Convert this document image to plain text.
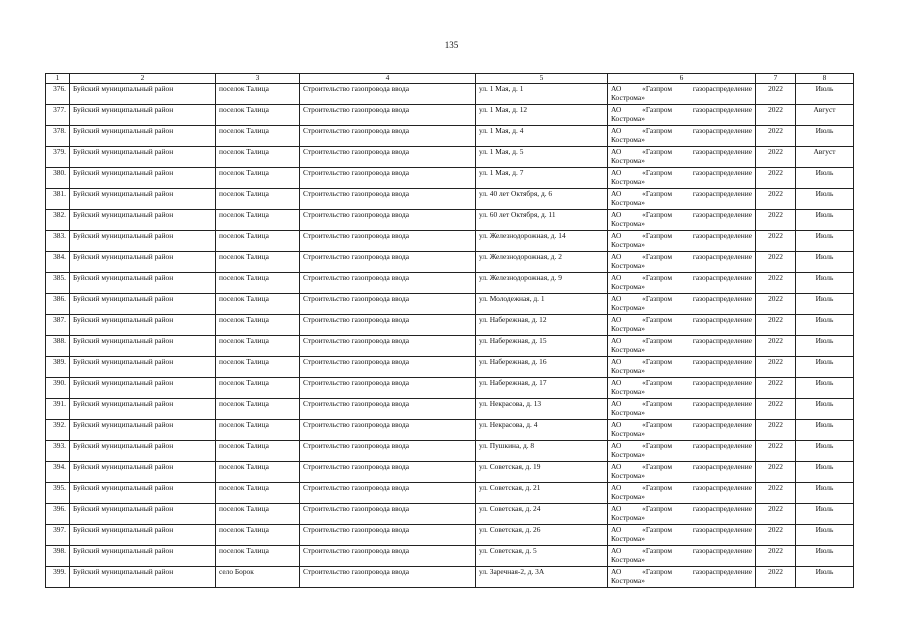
135
1	2	3	4	5	6	7	8
376.	Буйский муниципальный район	поселок Талица	Строительство газопровода ввода	ул. 1 Мая, д. 1	АО «Газпром газораспределение
Кострома»	2022	Июль
377.	Буйский муниципальный район	поселок Талица	Строительство газопровода ввода	ул. 1 Мая, д. 12	АО «Газпром газораспределение
Кострома»	2022	Август
378.	Буйский муниципальный район	поселок Талица	Строительство газопровода ввода	ул. 1 Мая, д. 4	АО «Газпром газораспределение
Кострома»	2022	Июль
379.	Буйский муниципальный район	поселок Талица	Строительство газопровода ввода	ул. 1 Мая, д. 5	АО «Газпром газораспределение
Кострома»	2022	Август
380.	Буйский муниципальный район	поселок Талица	Строительство газопровода ввода	ул. 1 Мая, д. 7	АО «Газпром газораспределение
Кострома»	2022	Июль
381.	Буйский муниципальный район	поселок Талица	Строительство газопровода ввода	ул. 40 лет Октября, д. 6	АО «Газпром газораспределение
Кострома»	2022	Июль
382.	Буйский муниципальный район	поселок Талица	Строительство газопровода ввода	ул. 60 лет Октября, д. 11	АО «Газпром газораспределение
Кострома»	2022	Июль
383.	Буйский муниципальный район	поселок Талица	Строительство газопровода ввода	ул. Железнодорожная, д. 14	АО «Газпром газораспределение
Кострома»	2022	Июль
384.	Буйский муниципальный район	поселок Талица	Строительство газопровода ввода	ул. Железнодорожная, д. 2	АО «Газпром газораспределение
Кострома»	2022	Июль
385.	Буйский муниципальный район	поселок Талица	Строительство газопровода ввода	ул. Железнодорожная, д. 9	АО «Газпром газораспределение
Кострома»	2022	Июль
386.	Буйский муниципальный район	поселок Талица	Строительство газопровода ввода	ул. Молодежная, д. 1	АО «Газпром газораспределение
Кострома»	2022	Июль
387.	Буйский муниципальный район	поселок Талица	Строительство газопровода ввода	ул. Набережная, д. 12	АО «Газпром газораспределение
Кострома»	2022	Июль
388.	Буйский муниципальный район	поселок Талица	Строительство газопровода ввода	ул. Набережная, д. 15	АО «Газпром газораспределение
Кострома»	2022	Июль
389.	Буйский муниципальный район	поселок Талица	Строительство газопровода ввода	ул. Набережная, д. 16	АО «Газпром газораспределение
Кострома»	2022	Июль
390.	Буйский муниципальный район	поселок Талица	Строительство газопровода ввода	ул. Набережная, д. 17	АО «Газпром газораспределение
Кострома»	2022	Июль
391.	Буйский муниципальный район	поселок Талица	Строительство газопровода ввода	ул. Некрасова, д. 13	АО «Газпром газораспределение
Кострома»	2022	Июль
392.	Буйский муниципальный район	поселок Талица	Строительство газопровода ввода	ул. Некрасова, д. 4	АО «Газпром газораспределение
Кострома»	2022	Июль
393.	Буйский муниципальный район	поселок Талица	Строительство газопровода ввода	ул. Пушкина, д. 8	АО «Газпром газораспределение
Кострома»	2022	Июль
394.	Буйский муниципальный район	поселок Талица	Строительство газопровода ввода	ул. Советская, д. 19	АО «Газпром газораспределение
Кострома»	2022	Июль
395.	Буйский муниципальный район	поселок Талица	Строительство газопровода ввода	ул. Советская, д. 21	АО «Газпром газораспределение
Кострома»	2022	Июль
396.	Буйский муниципальный район	поселок Талица	Строительство газопровода ввода	ул. Советская, д. 24	АО «Газпром газораспределение
Кострома»	2022	Июль
397.	Буйский муниципальный район	поселок Талица	Строительство газопровода ввода	ул. Советская, д. 26	АО «Газпром газораспределение
Кострома»	2022	Июль
398.	Буйский муниципальный район	поселок Талица	Строительство газопровода ввода	ул. Советская, д. 5	АО «Газпром газораспределение
Кострома»	2022	Июль
399.	Буйский муниципальный район	село Борок	Строительство газопровода ввода	ул. Заречная-2, д. 3А	АО «Газпром газораспределение
Кострома»	2022	Июль
